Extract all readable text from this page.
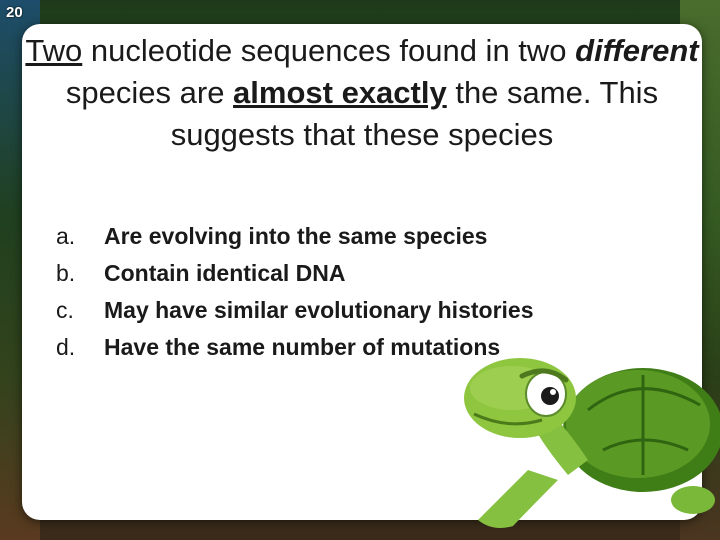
20
Two nucleotide sequences found in two different species are almost exactly the same. This suggests that these species
a.	Are evolving into the same species
b.	Contain identical DNA
c.	May have similar evolutionary histories
d.	Have the same number of mutations
